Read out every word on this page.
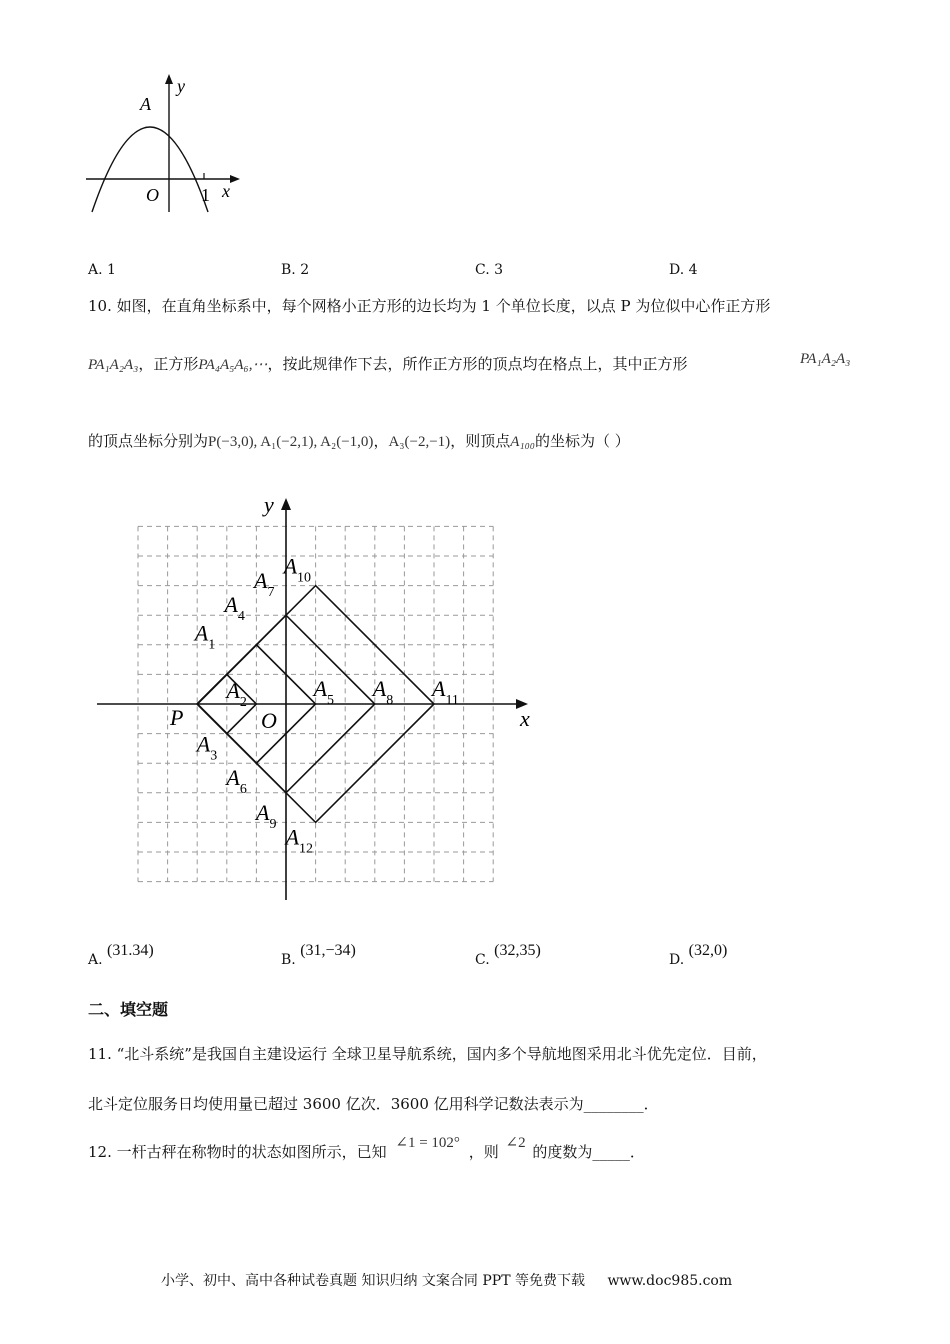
y
A
O 1 x
A. 1	B. 2	C. 3	D. 4
10. 如图，在直角坐标系中，每个网格小正方形的边长均为 1 个单位长度，以点 P 为位似中心作正方形
PA₁A₂A₃，正方形PA₄A₅A₆,⋯，按此规律作下去，所作正方形的顶点均在格点上，其中正方形	PA₁A₂A₃
的顶点坐标分别为P(−3,0), A₁(−2,1), A₂(−1,0)，A₃(−2,−1)，则顶点A₁₀₀的坐标为（ ）
$A_1$
$A_2$
$A_3$
$A_4$
$A_5$
$A_6$
$A_7$
$A_8$
$A_9$
$A_{10}$
$A_{11}$
$A_{12}$
y
x
P	O
A. (31.34)
B. (31,−34)
C. (32,35)
D. (32,0)
二、填空题
11. “北斗系统”是我国自主建设运行 全球卫星导航系统，国内多个导航地图采用北斗优先定位．目前，
北斗定位服务日均使用量已超过 3600 亿次．3600 亿用科学记数法表示为________．
12. 一杆古秤在称物时的状态如图所示，已知 ∠1 = 102° ，则 ∠2 的度数为_____．
小学、初中、高中各种试卷真题 知识归纳 文案合同 PPT 等免费下载 www.doc985.com
